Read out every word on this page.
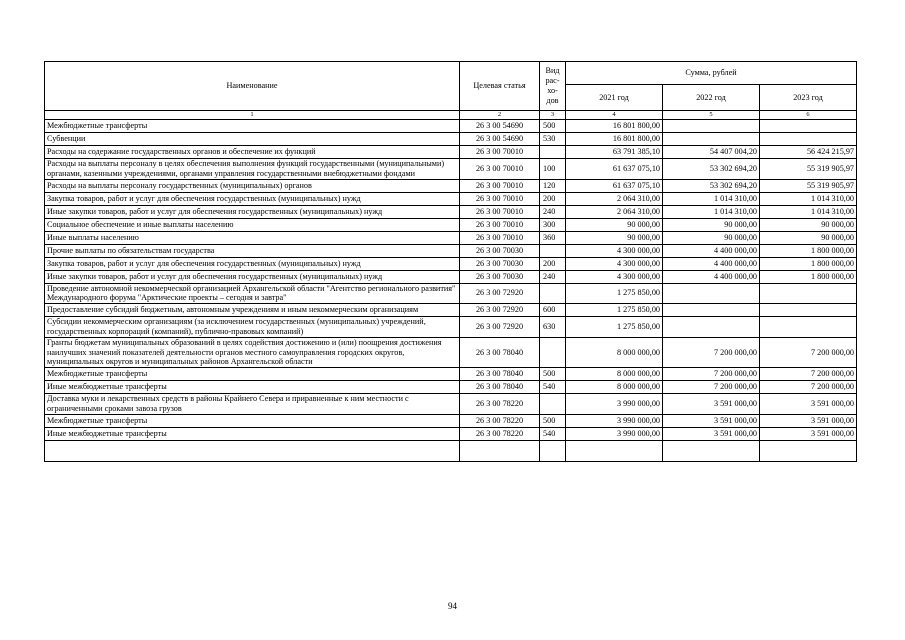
Наименование	Целевая статья	Вид рас- хо- дов	Сумма, рублей		
			2021 год	2022 год	2023 год
1	2	3	4	5	6
Межбюджетные трансферты	26 3 00 54690	500	16 801 800,00		
Субвенции	26 3 00 54690	530	16 801 800,00		
Расходы на содержание государственных органов и обеспечение их функций	26 3 00 70010		63 791 385,10	54 407 004,20	56 424 215,97
Расходы на выплаты персоналу в целях обеспечения выполнения функций государственными (муниципальными) органами, казенными учреждениями, органами управления государственными внебюджетными фондами	26 3 00 70010	100	61 637 075,10	53 302 694,20	55 319 905,97
Расходы на выплаты персоналу государственных (муниципальных) органов	26 3 00 70010	120	61 637 075,10	53 302 694,20	55 319 905,97
Закупка товаров, работ и услуг для обеспечения государственных (муниципальных) нужд	26 3 00 70010	200	2 064 310,00	1 014 310,00	1 014 310,00
Иные закупки товаров, работ и услуг для обеспечения государственных (муниципальных) нужд	26 3 00 70010	240	2 064 310,00	1 014 310,00	1 014 310,00
Социальное обеспечение и иные выплаты населению	26 3 00 70010	300	90 000,00	90 000,00	90 000,00
Иные выплаты населению	26 3 00 70010	360	90 000,00	90 000,00	90 000,00
Прочие выплаты по обязательствам государства	26 3 00 70030		4 300 000,00	4 400 000,00	1 800 000,00
Закупка товаров, работ и услуг для обеспечения государственных (муниципальных) нужд	26 3 00 70030	200	4 300 000,00	4 400 000,00	1 800 000,00
Иные закупки товаров, работ и услуг для обеспечения государственных (муниципальных) нужд	26 3 00 70030	240	4 300 000,00	4 400 000,00	1 800 000,00
Проведение автономной некоммерческой организацией Архангельской области "Агентство регионального развития" Международного форума "Арктические проекты – сегодня и завтра"	26 3 00 72920		1 275 850,00		
Предоставление субсидий бюджетным, автономным учреждениям и иным некоммерческим организациям	26 3 00 72920	600	1 275 850,00		
Субсидии некоммерческим организациям (за исключением государственных (муниципальных) учреждений, государственных корпораций (компаний), публично-правовых компаний)	26 3 00 72920	630	1 275 850,00		
Гранты бюджетам муниципальных образований в целях содействия достижению и (или) поощрения достижения наилучших значений показателей деятельности органов местного самоуправления городских округов, муниципальных округов и муниципальных районов Архангельской области	26 3 00 78040		8 000 000,00	7 200 000,00	7 200 000,00
Межбюджетные трансферты	26 3 00 78040	500	8 000 000,00	7 200 000,00	7 200 000,00
Иные межбюджетные трансферты	26 3 00 78040	540	8 000 000,00	7 200 000,00	7 200 000,00
Доставка муки и лекарственных средств в районы Крайнего Севера и приравненные к ним местности с ограниченными сроками завоза грузов	26 3 00 78220		3 990 000,00	3 591 000,00	3 591 000,00
Межбюджетные трансферты	26 3 00 78220	500	3 990 000,00	3 591 000,00	3 591 000,00
Иные межбюджетные трансферты	26 3 00 78220	540	3 990 000,00	3 591 000,00	3 591 000,00

94
